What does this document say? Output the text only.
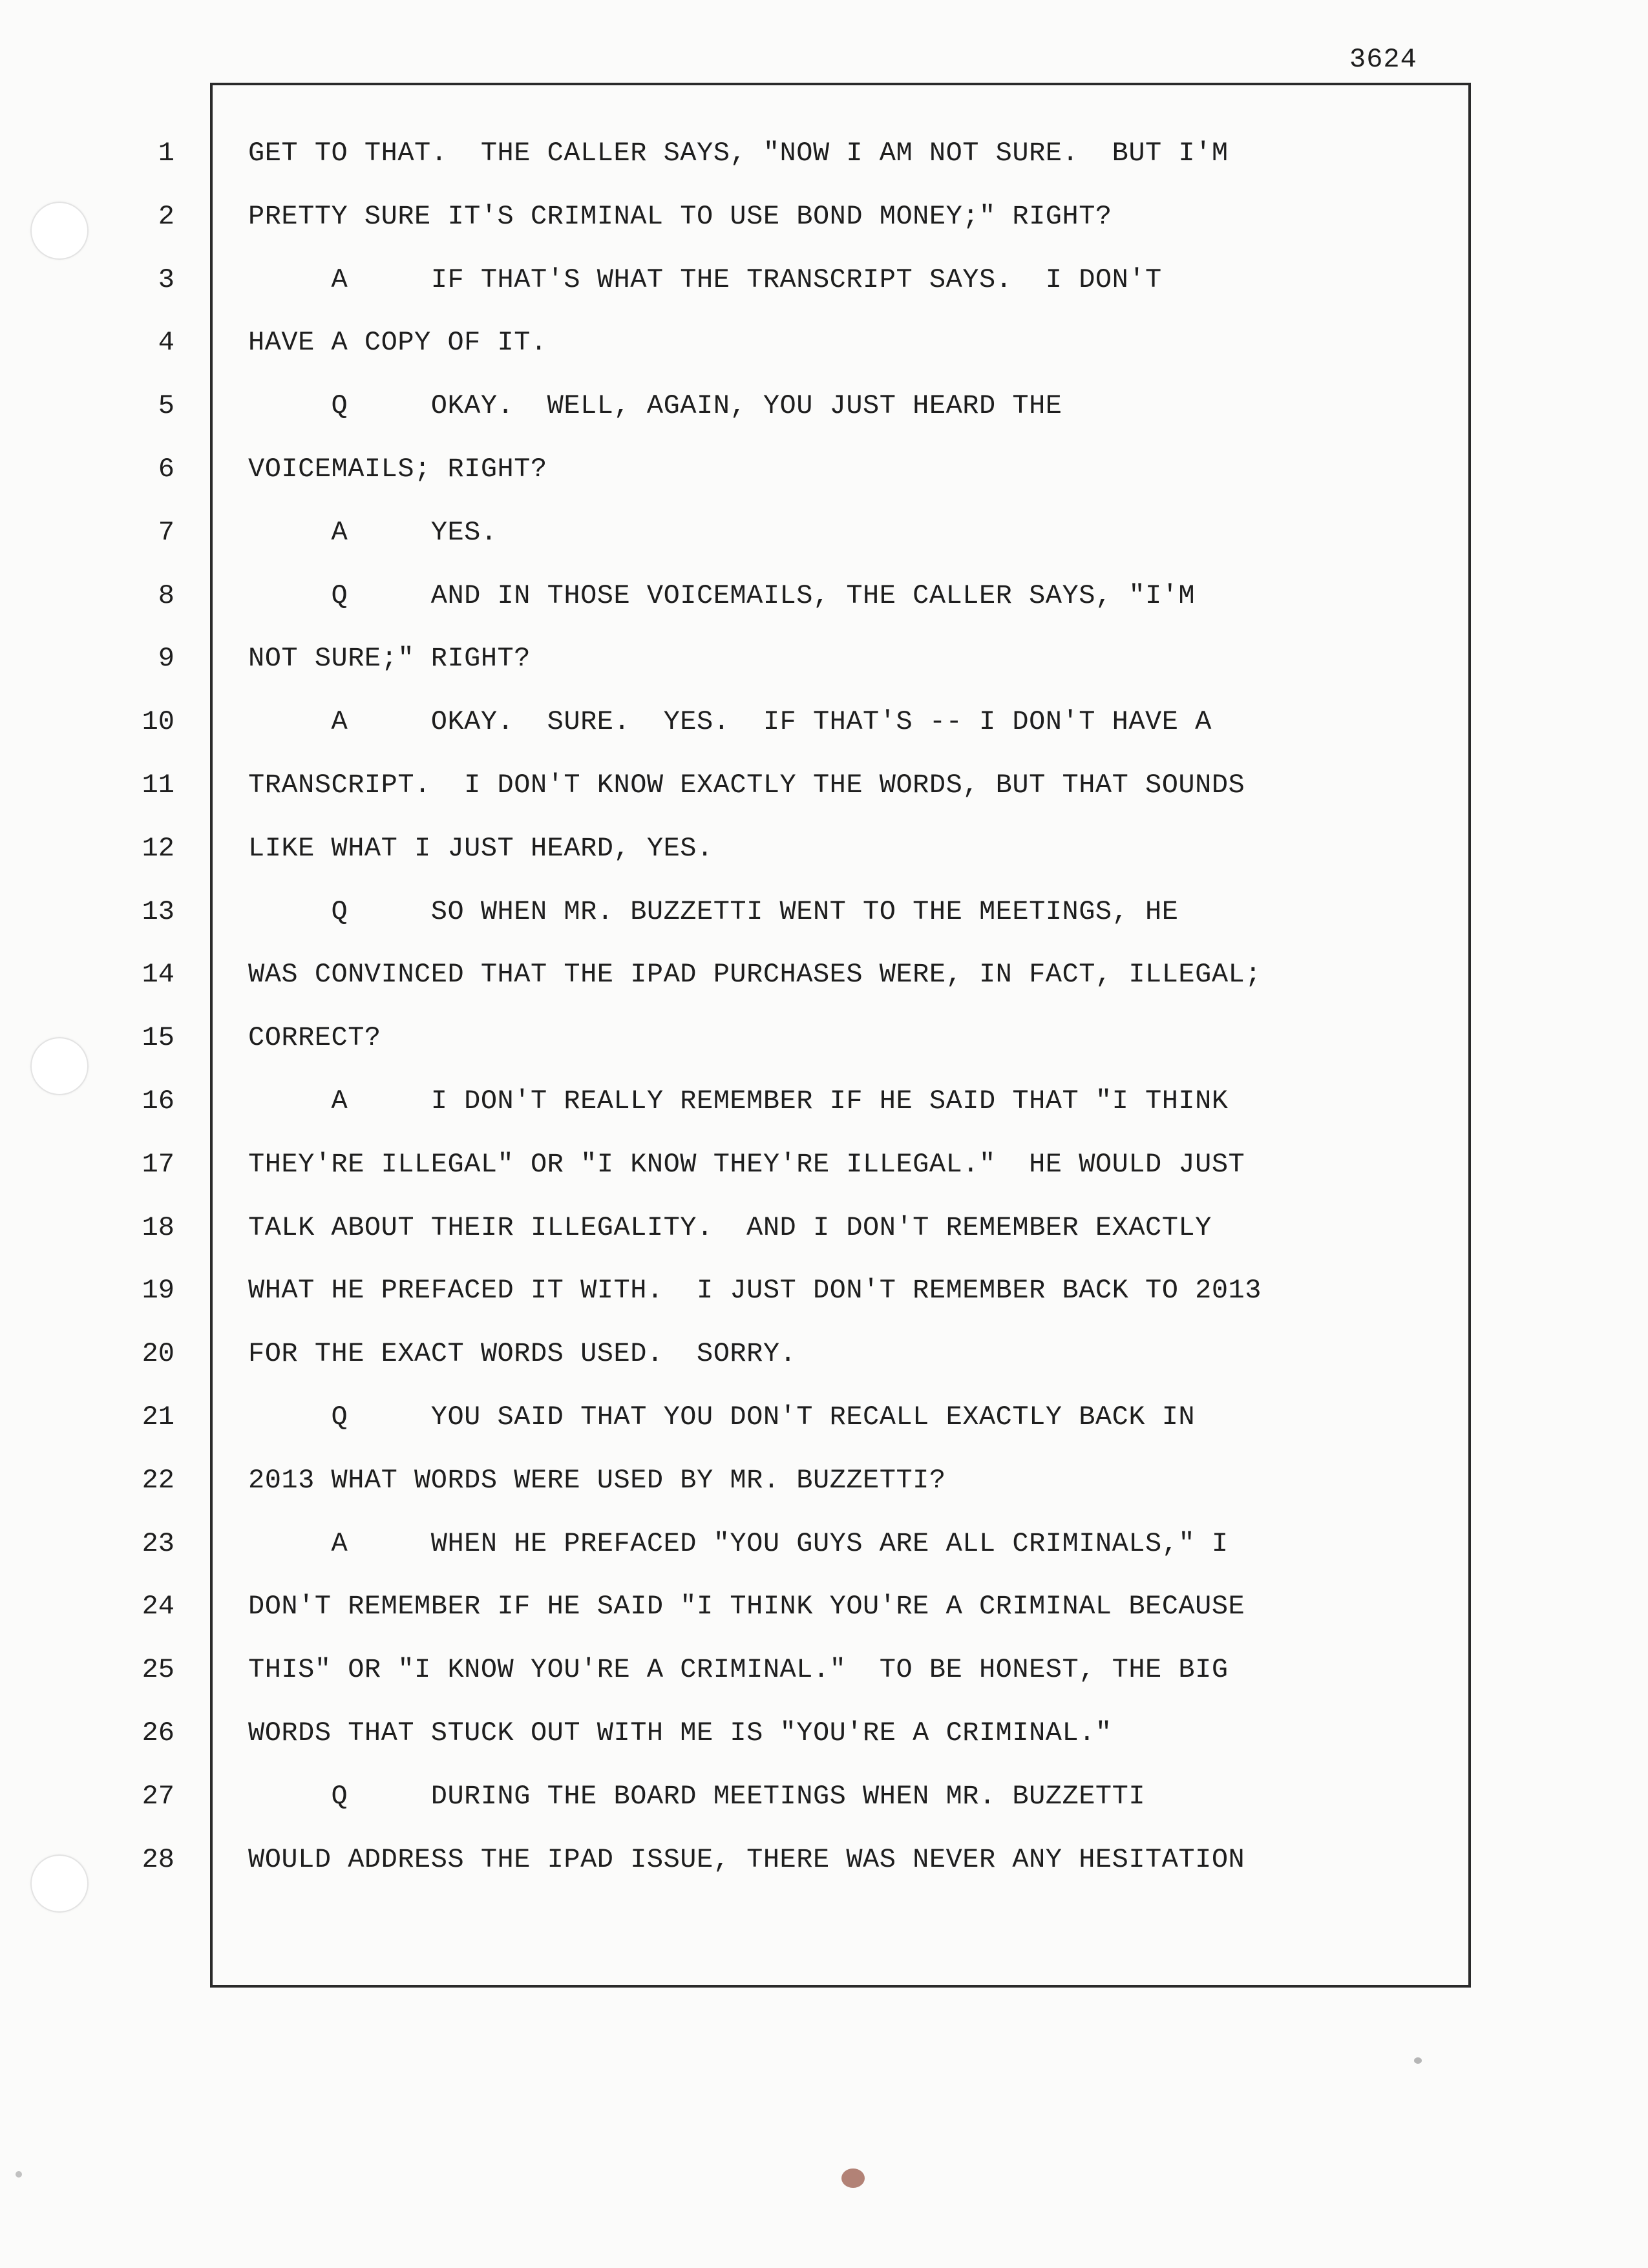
3624
1	GET TO THAT.  THE CALLER SAYS, "NOW I AM NOT SURE.  BUT I'M
2	PRETTY SURE IT'S CRIMINAL TO USE BOND MONEY;" RIGHT?
3	A     IF THAT'S WHAT THE TRANSCRIPT SAYS.  I DON'T
4	HAVE A COPY OF IT.
5	Q     OKAY.  WELL, AGAIN, YOU JUST HEARD THE
6	VOICEMAILS; RIGHT?
7	A     YES.
8	Q     AND IN THOSE VOICEMAILS, THE CALLER SAYS, "I'M
9	NOT SURE;" RIGHT?
10	A     OKAY.  SURE.  YES.  IF THAT'S -- I DON'T HAVE A
11	TRANSCRIPT.  I DON'T KNOW EXACTLY THE WORDS, BUT THAT SOUNDS
12	LIKE WHAT I JUST HEARD, YES.
13	Q     SO WHEN MR. BUZZETTI WENT TO THE MEETINGS, HE
14	WAS CONVINCED THAT THE IPAD PURCHASES WERE, IN FACT, ILLEGAL;
15	CORRECT?
16	A     I DON'T REALLY REMEMBER IF HE SAID THAT "I THINK
17	THEY'RE ILLEGAL" OR "I KNOW THEY'RE ILLEGAL."  HE WOULD JUST
18	TALK ABOUT THEIR ILLEGALITY.  AND I DON'T REMEMBER EXACTLY
19	WHAT HE PREFACED IT WITH.  I JUST DON'T REMEMBER BACK TO 2013
20	FOR THE EXACT WORDS USED.  SORRY.
21	Q     YOU SAID THAT YOU DON'T RECALL EXACTLY BACK IN
22	2013 WHAT WORDS WERE USED BY MR. BUZZETTI?
23	A     WHEN HE PREFACED "YOU GUYS ARE ALL CRIMINALS," I
24	DON'T REMEMBER IF HE SAID "I THINK YOU'RE A CRIMINAL BECAUSE
25	THIS" OR "I KNOW YOU'RE A CRIMINAL."  TO BE HONEST, THE BIG
26	WORDS THAT STUCK OUT WITH ME IS "YOU'RE A CRIMINAL."
27	Q     DURING THE BOARD MEETINGS WHEN MR. BUZZETTI
28	WOULD ADDRESS THE IPAD ISSUE, THERE WAS NEVER ANY HESITATION
